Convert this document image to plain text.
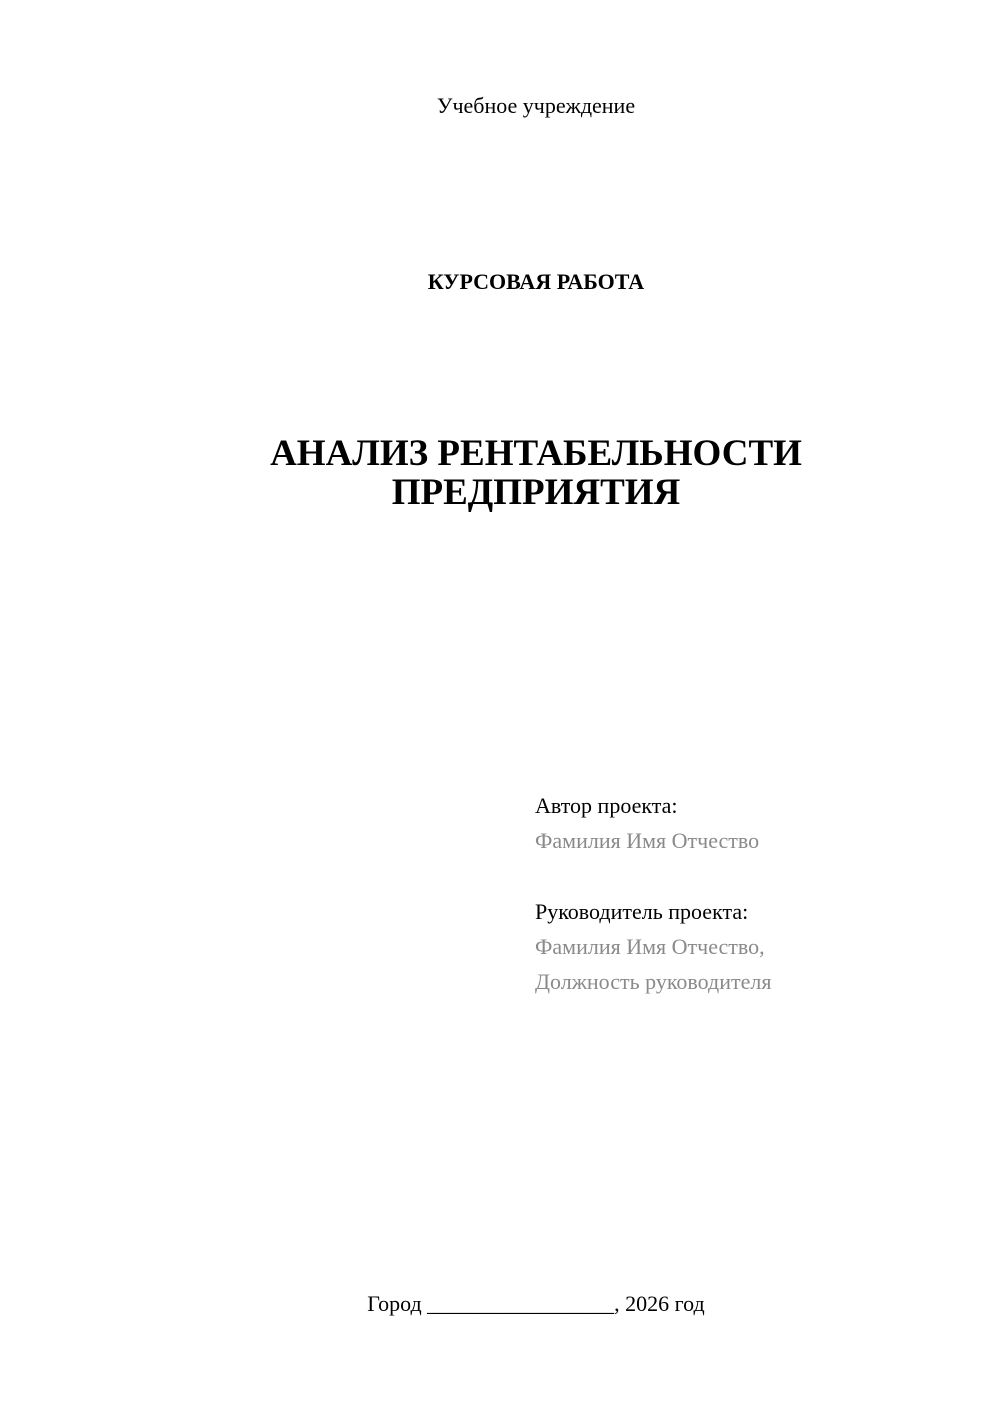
Учебное учреждение
КУРСОВАЯ РАБОТА
АНАЛИЗ РЕНТАБЕЛЬНОСТИ
ПРЕДПРИЯТИЯ
Автор проекта:
Фамилия Имя Отчество
Руководитель проекта:
Фамилия Имя Отчество,
Должность руководителя
Город _________________, 2026 год
